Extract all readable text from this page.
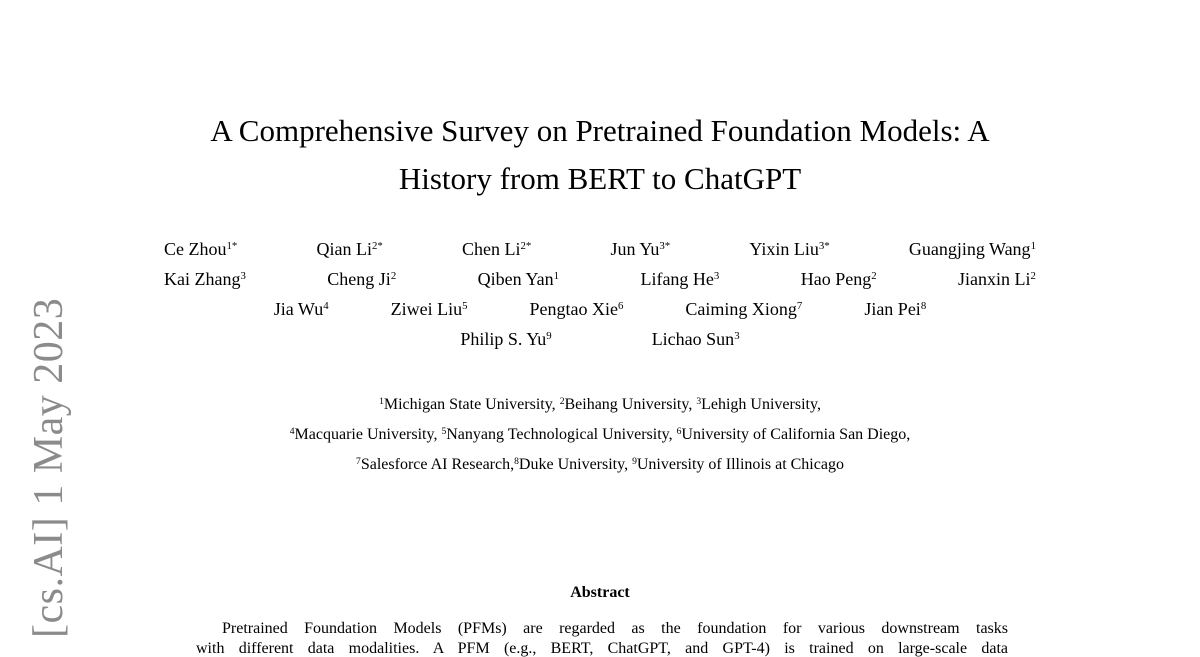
[cs.AI] 1 May 2023
A Comprehensive Survey on Pretrained Foundation Models: A
History from BERT to ChatGPT
Ce Zhou$^{1*}$	Qian $Li^{2*}$	Chen $Li^{2*}$	Jun $Yu^{3*}$	Yixin Liu$^{3*}$	Guangjing Wang$^1$
Kai Zhang$^3$	Cheng Ji$^2$	Qiben Yan$^1$	Lifang He$^3$	Hao Peng$^2$	Jianxin Li$^2$
Jia Wu$^4$	Ziwei Liu$^5$	Pengtao Xie$^6$	Caiming Xiong$^7$	Jian Pei$^8$
Philip S. Yu$^9$	Lichao Sun$^3$
$^1$Michigan State University, $^2$Beihang University, $^3$Lehigh University,
$^4$Macquarie University, $^5$Nanyang Technological University, $^6$University of California San Diego,
$^7$Salesforce AI Research,$^8$Duke University, $^9$University of Illinois at Chicago
Abstract
Pretrained Foundation Models (PFMs) are regarded as the foundation for various downstream tasks
with different data modalities. A PFM (e.g., BERT, ChatGPT, and GPT-4) is trained on large-scale data
